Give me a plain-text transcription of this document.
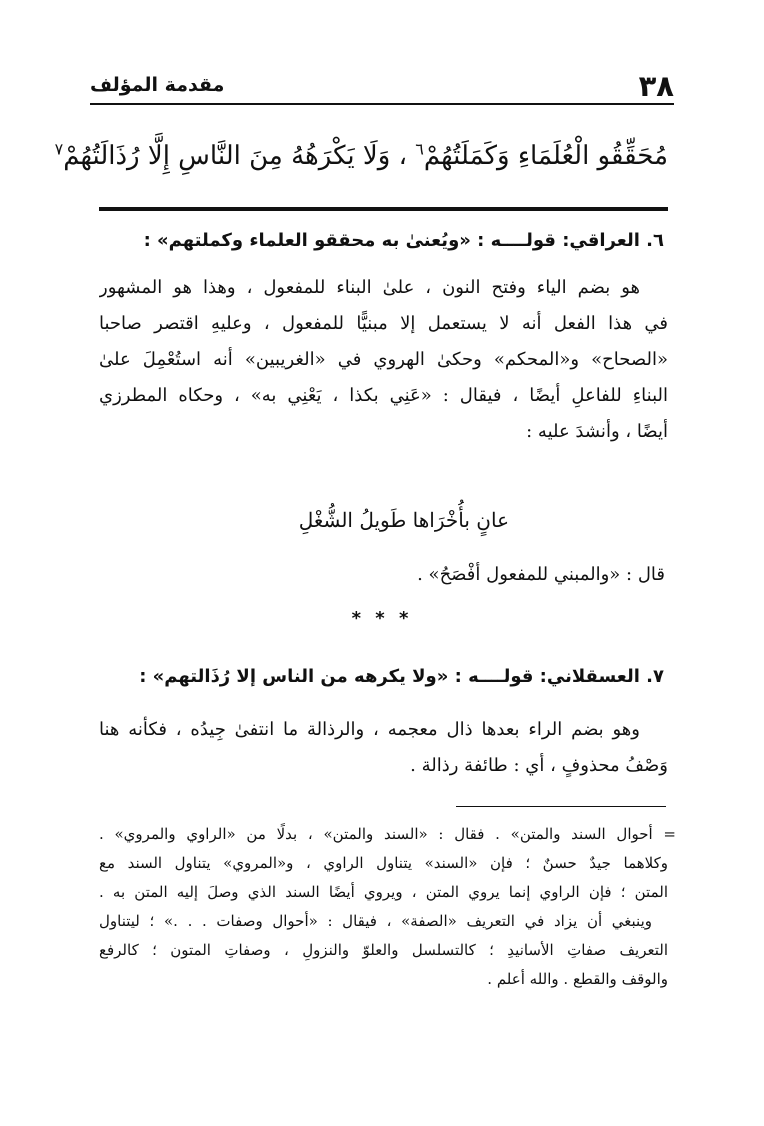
٣٨
مقدمة المؤلف
مُحَقِّقُو الْعُلَمَاءِ وَكَمَلَتُهُمْ$^٦$ ، وَلَا يَكْرَهُهُ مِنَ النَّاسِ إِلَّا رُذَالَتُهُمْ$^٧$
٦. العراقي: قولــــه : «ويُعنىٰ به محققو العلماء وكملتهم» :
هو بضم الياء وفتح النون ، علىٰ البناء للمفعول ، وهذا هو المشهور
في هذا الفعل أنه لا يستعمل إلا مبنيًّا للمفعول ، وعليهِ اقتصر صاحبا
«الصحاح» و«المحكم» وحكىٰ الهروي في «الغريبين» أنه استُعْمِلَ علىٰ
البناءِ للفاعلِ أيضًا ، فيقال : «عَنِي بكذا ، يَعْنِي به» ، وحكاه المطرزي
أيضًا ، وأنشدَ عليه :
عانٍ بأُخْرَاها طَويلُ الشُّغْلِ
قال : «والمبني للمفعول أفْصَحُ» .
* * *
٧. العسقلاني: قولــــه : «ولا يكرهه من الناس إلا رُذَالتهم» :
وهو بضم الراء بعدها ذال معجمه ، والرذالة ما انتفىٰ جِيدُه ، فكأنه هنا
وَصْفُ محذوفٍ ، أي : طائفة رذالة .
= أحوال السند والمتن» . فقال : «السند والمتن» ، بدلًا من «الراوي والمروي» .
وكلاهما جيدٌ حسنٌ ؛ فإن «السند» يتناول الراوي ، و«المروي» يتناول السند مع
المتن ؛ فإن الراوي إنما يروي المتن ، ويروي أيضًا السند الذي وصلَ إليه المتن به .
وينبغي أن يزاد في التعريف «الصفة» ، فيقال : «أحوال وصفات . . .» ؛ ليتناول
التعريف صفاتِ الأسانيدِ ؛ كالتسلسل والعلوّ والنزولِ ، وصفاتِ المتون ؛ كالرفع
والوقف والقطع . والله أعلم .
